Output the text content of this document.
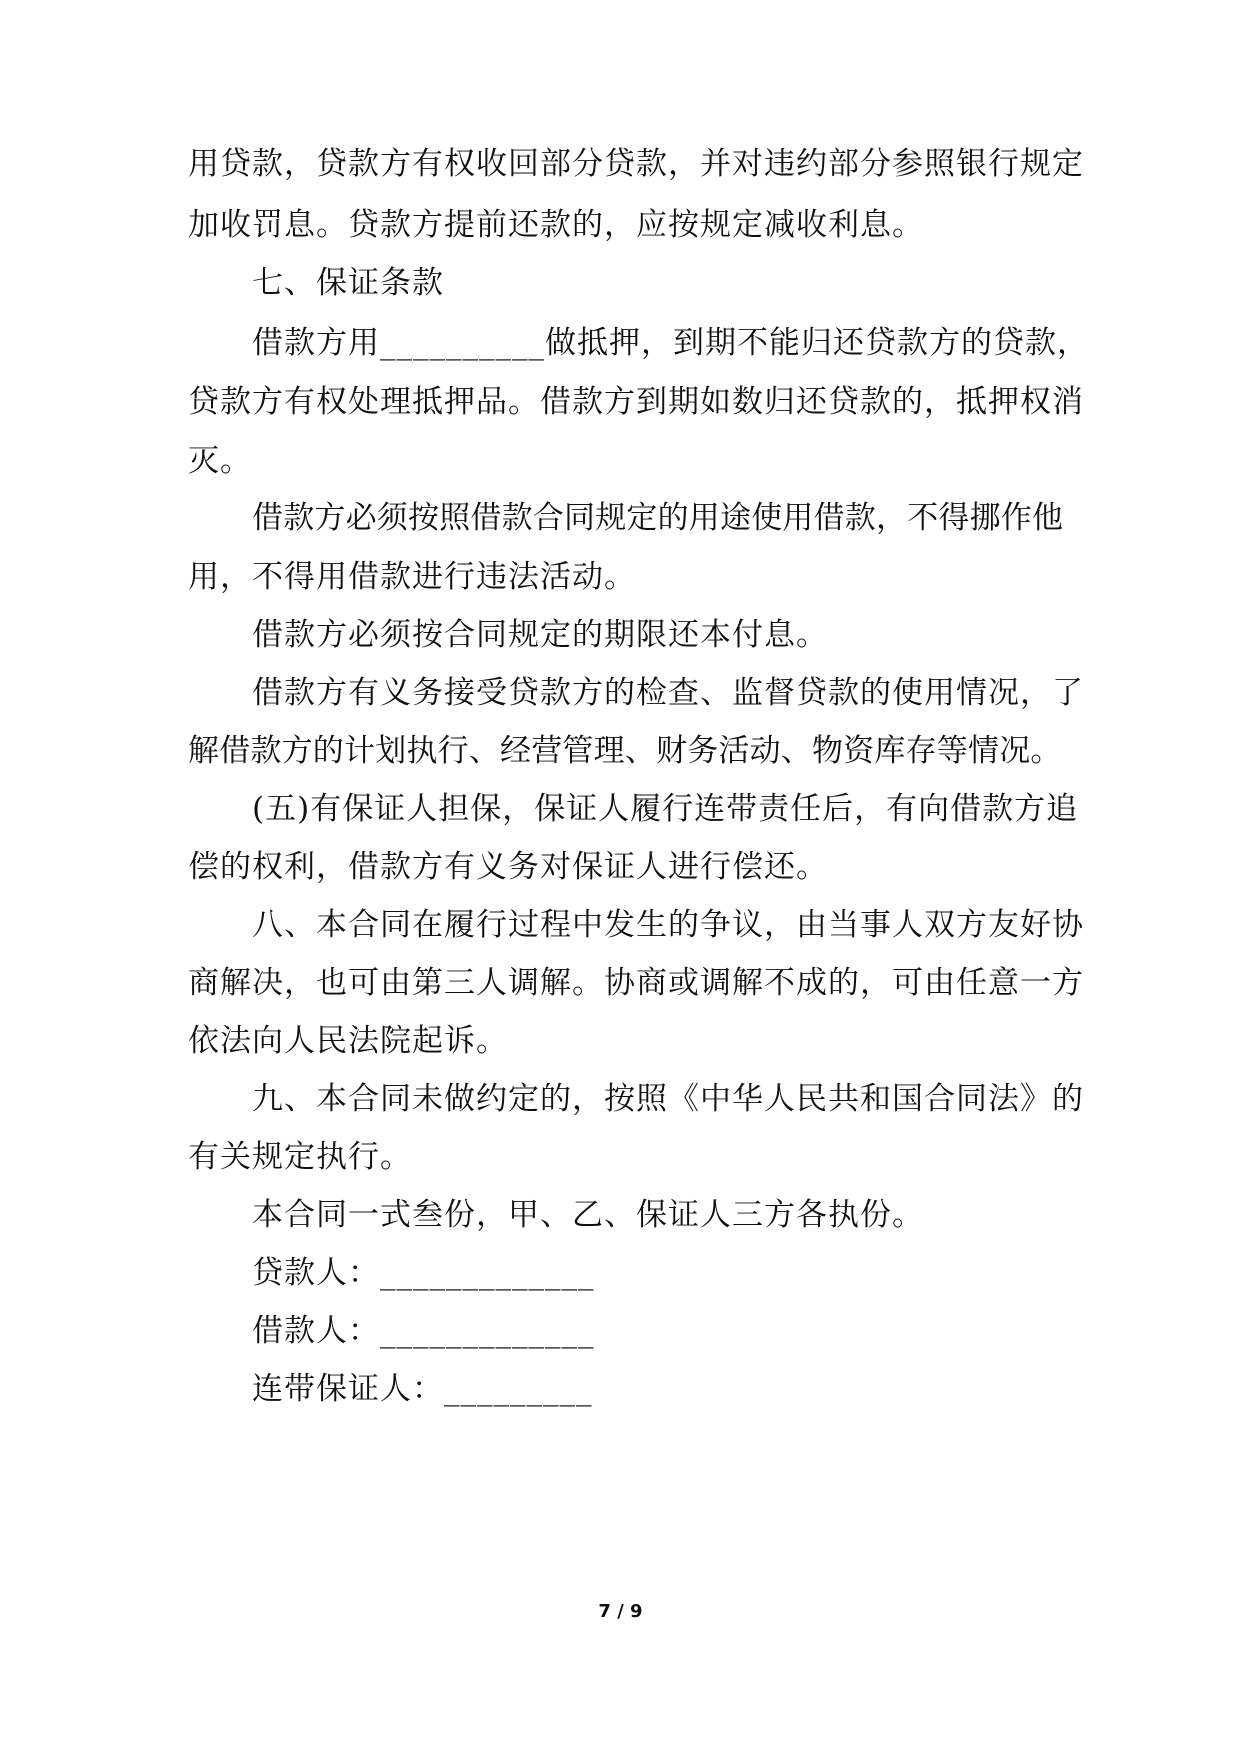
用贷款，贷款方有权收回部分贷款，并对违约部分参照银行规定
加收罚息。贷款方提前还款的，应按规定减收利息。
七、保证条款
借款方用__________做抵押，到期不能归还贷款方的贷款，
贷款方有权处理抵押品。借款方到期如数归还贷款的，抵押权消
灭。
借款方必须按照借款合同规定的用途使用借款，不得挪作他
用，不得用借款进行违法活动。
借款方必须按合同规定的期限还本付息。
借款方有义务接受贷款方的检查、监督贷款的使用情况，了
解借款方的计划执行、经营管理、财务活动、物资库存等情况。
(五)有保证人担保，保证人履行连带责任后，有向借款方追
偿的权利，借款方有义务对保证人进行偿还。
八、本合同在履行过程中发生的争议，由当事人双方友好协
商解决，也可由第三人调解。协商或调解不成的，可由任意一方
依法向人民法院起诉。
九、本合同未做约定的，按照《中华人民共和国合同法》的
有关规定执行。
本合同一式叁份，甲、乙、保证人三方各执份。
贷款人：_____________
借款人：_____________
连带保证人：_________
7 / 9
